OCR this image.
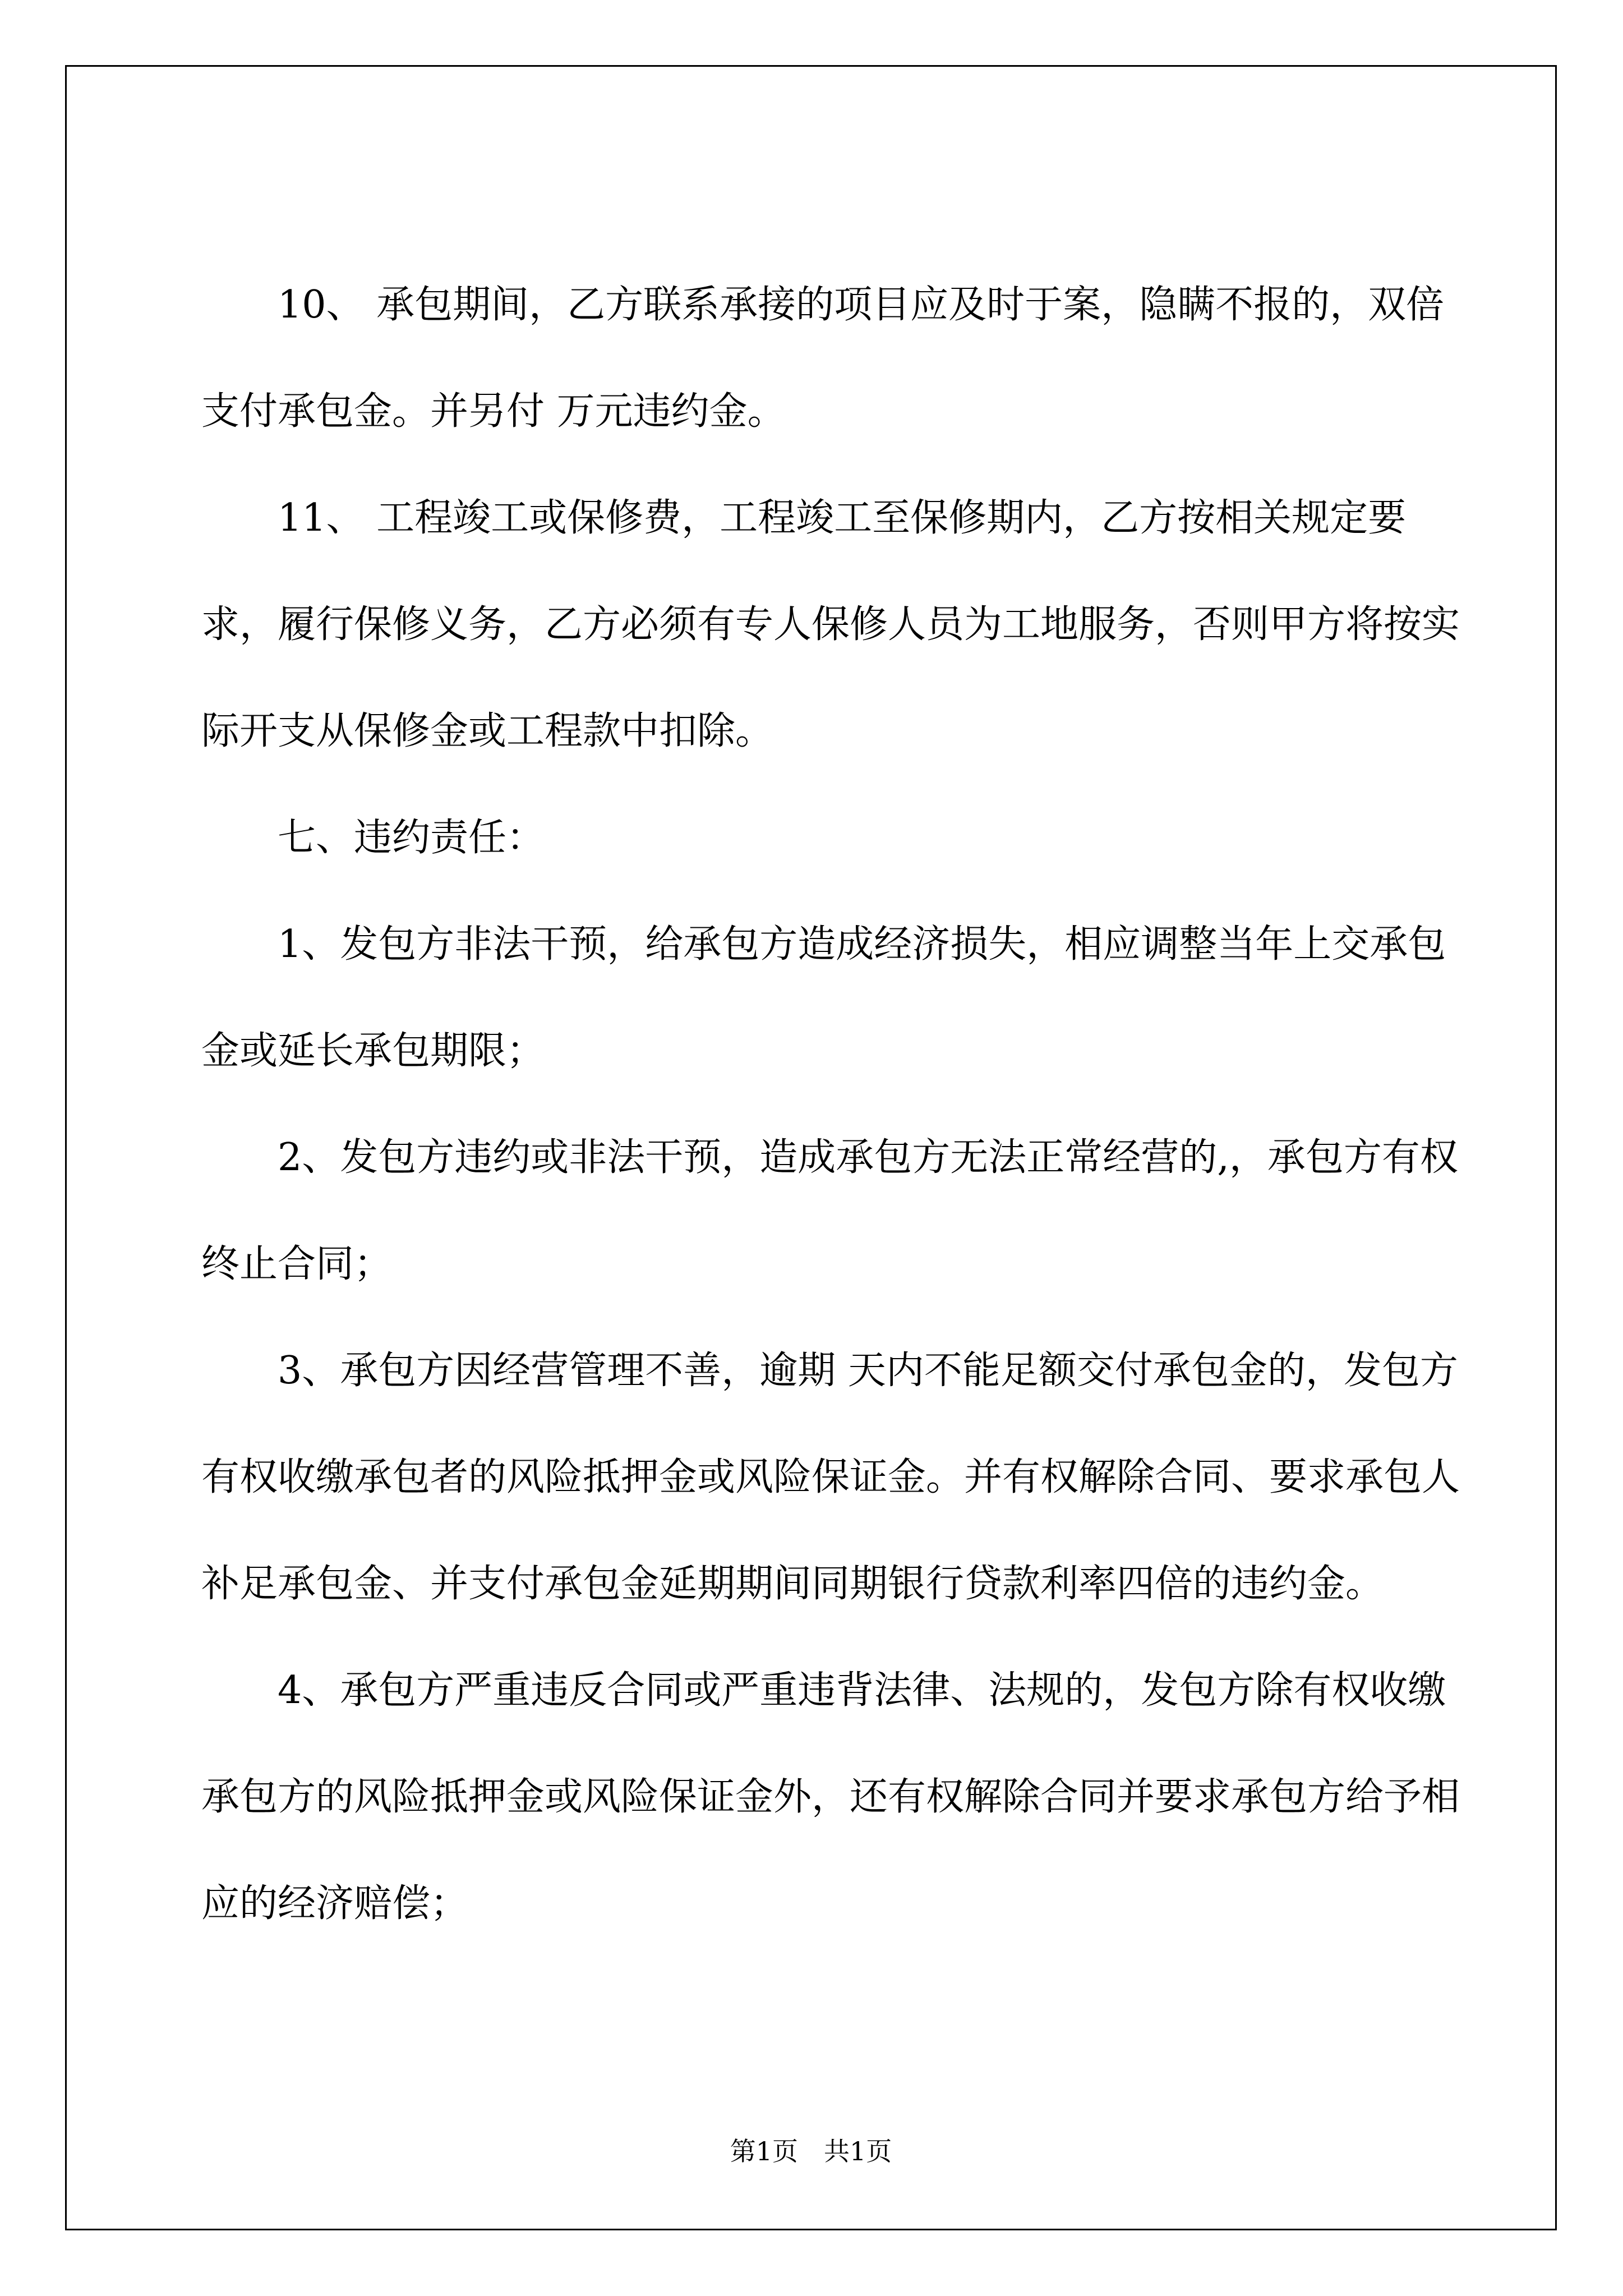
10、 承包期间，乙方联系承接的项目应及时于案，隐瞒不报的，双倍支付承包金。并另付 万元违约金。

11、 工程竣工或保修费，工程竣工至保修期内，乙方按相关规定要求，履行保修义务，乙方必须有专人保修人员为工地服务，否则甲方将按实际开支从保修金或工程款中扣除。

七、违约责任：

1、发包方非法干预，给承包方造成经济损失，相应调整当年上交承包金或延长承包期限；

2、发包方违约或非法干预，造成承包方无法正常经营的,，承包方有权终止合同；

3、承包方因经营管理不善，逾期 天内不能足额交付承包金的，发包方有权收缴承包者的风险抵押金或风险保证金。并有权解除合同、要求承包人补足承包金、并支付承包金延期期间同期银行贷款利率四倍的违约金。

4、承包方严重违反合同或严重违背法律、法规的，发包方除有权收缴承包方的风险抵押金或风险保证金外，还有权解除合同并要求承包方给予相应的经济赔偿；

第1页　共1页
